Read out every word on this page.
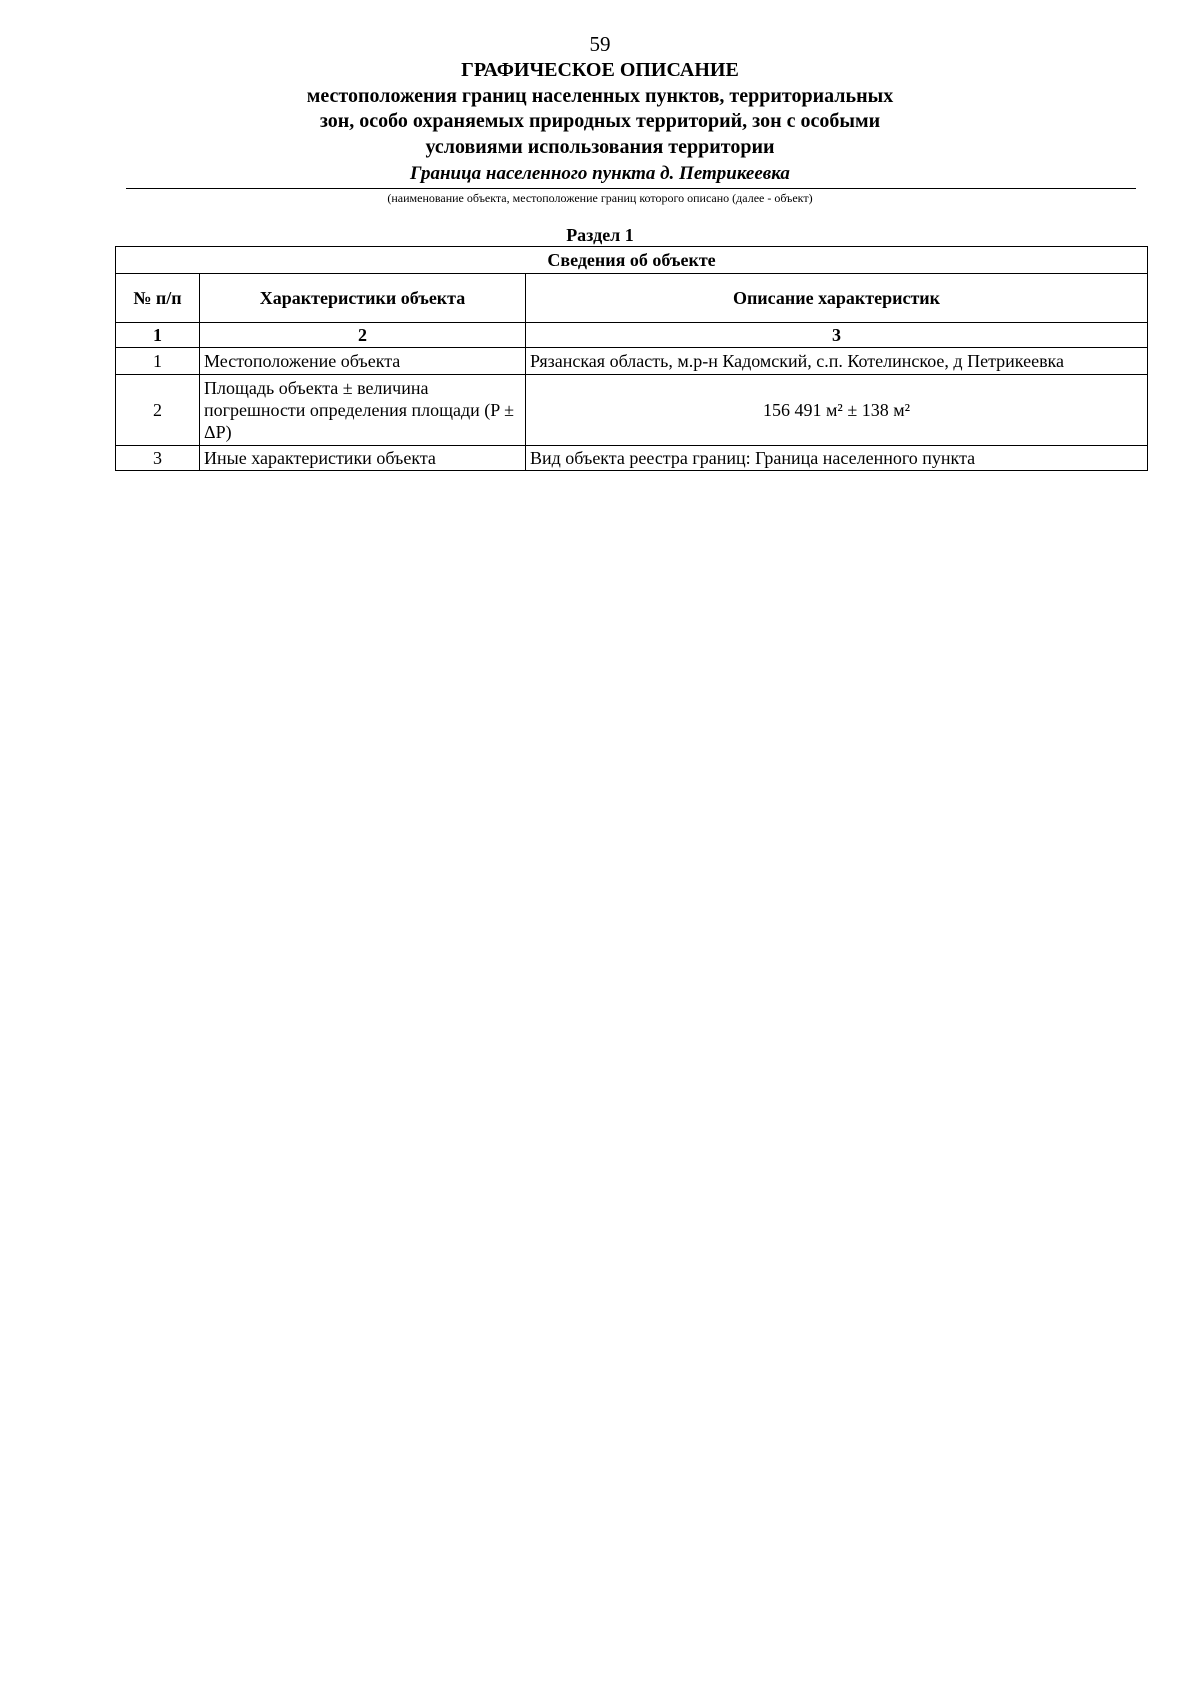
59
ГРАФИЧЕСКОЕ ОПИСАНИЕ
местоположения границ населенных пунктов, территориальных
зон, особо охраняемых природных территорий, зон с особыми
условиями использования территории
Граница населенного пункта д. Петрикеевка
(наименование объекта, местоположение границ которого описано (далее - объект)
Раздел 1
Сведения об объекте		
№ п/п	Характеристики объекта	Описание характеристик
1	2	3
1	Местоположение объекта	Рязанская область, м.р-н Кадомский, с.п. Котелинское, д Петрикеевка
2	Площадь объекта ± величина погрешности определения площади (P ± ΔP)	156 491 м² ± 138 м²
3	Иные характеристики объекта	Вид объекта реестра границ: Граница населенного пункта
